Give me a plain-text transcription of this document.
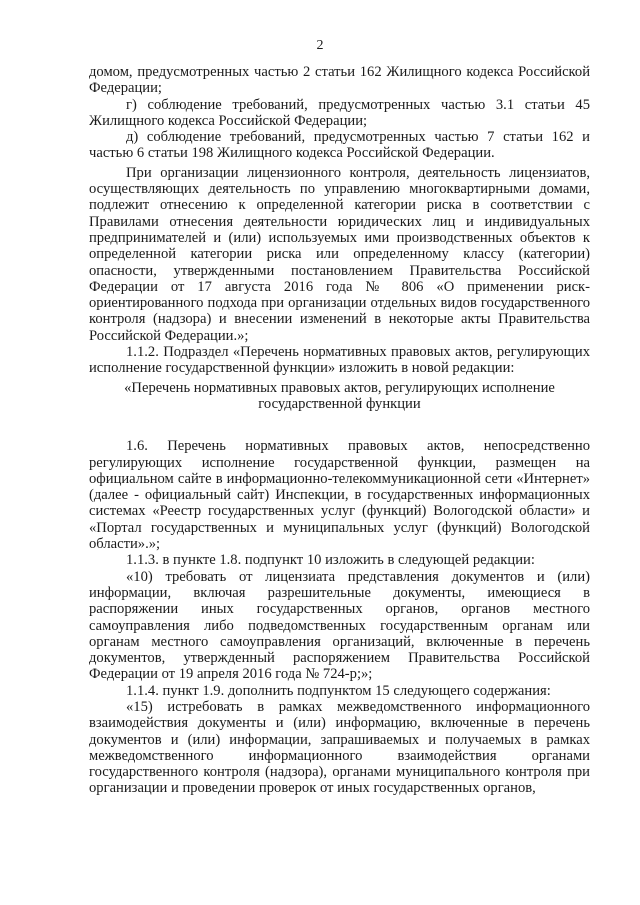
2

домом, предусмотренных частью 2 статьи 162 Жилищного кодекса Российской Федерации;

г) соблюдение требований, предусмотренных частью 3.1 статьи 45 Жилищного кодекса Российской Федерации;

д) соблюдение требований, предусмотренных частью 7 статьи 162 и частью 6 статьи 198 Жилищного кодекса Российской Федерации.

При организации лицензионного контроля, деятельность лицензиатов, осуществляющих деятельность по управлению многоквартирными домами, подлежит отнесению к определенной категории риска в соответствии с Правилами отнесения деятельности юридических лиц и индивидуальных предпринимателей и (или) используемых ими производственных объектов к определенной категории риска или определенному классу (категории) опасности, утвержденными постановлением Правительства Российской Федерации от 17 августа 2016 года № 806 «О применении риск-ориентированного подхода при организации отдельных видов государственного контроля (надзора) и внесении изменений в некоторые акты Правительства Российской Федерации.»;

1.1.2. Подраздел «Перечень нормативных правовых актов, регулирующих исполнение государственной функции» изложить в новой редакции:

«Перечень нормативных правовых актов, регулирующих исполнение государственной функции

1.6. Перечень нормативных правовых актов, непосредственно регулирующих исполнение государственной функции, размещен на официальном сайте в информационно-телекоммуникационной сети «Интернет» (далее - официальный сайт) Инспекции, в государственных информационных системах «Реестр государственных услуг (функций) Вологодской области» и «Портал государственных и муниципальных услуг (функций) Вологодской области».»;

1.1.3. в пункте 1.8. подпункт 10 изложить в следующей редакции:

«10) требовать от лицензиата представления документов и (или) информации, включая разрешительные документы, имеющиеся в распоряжении иных государственных органов, органов местного самоуправления либо подведомственных государственным органам или органам местного самоуправления организаций, включенные в перечень документов, утвержденный распоряжением Правительства Российской Федерации от 19 апреля 2016 года № 724-р;»;

1.1.4. пункт 1.9. дополнить подпунктом 15 следующего содержания:

«15) истребовать в рамках межведомственного информационного взаимодействия документы и (или) информацию, включенные в перечень документов и (или) информации, запрашиваемых и получаемых в рамках межведомственного информационного взаимодействия органами государственного контроля (надзора), органами муниципального контроля при организации и проведении проверок от иных государственных органов,
